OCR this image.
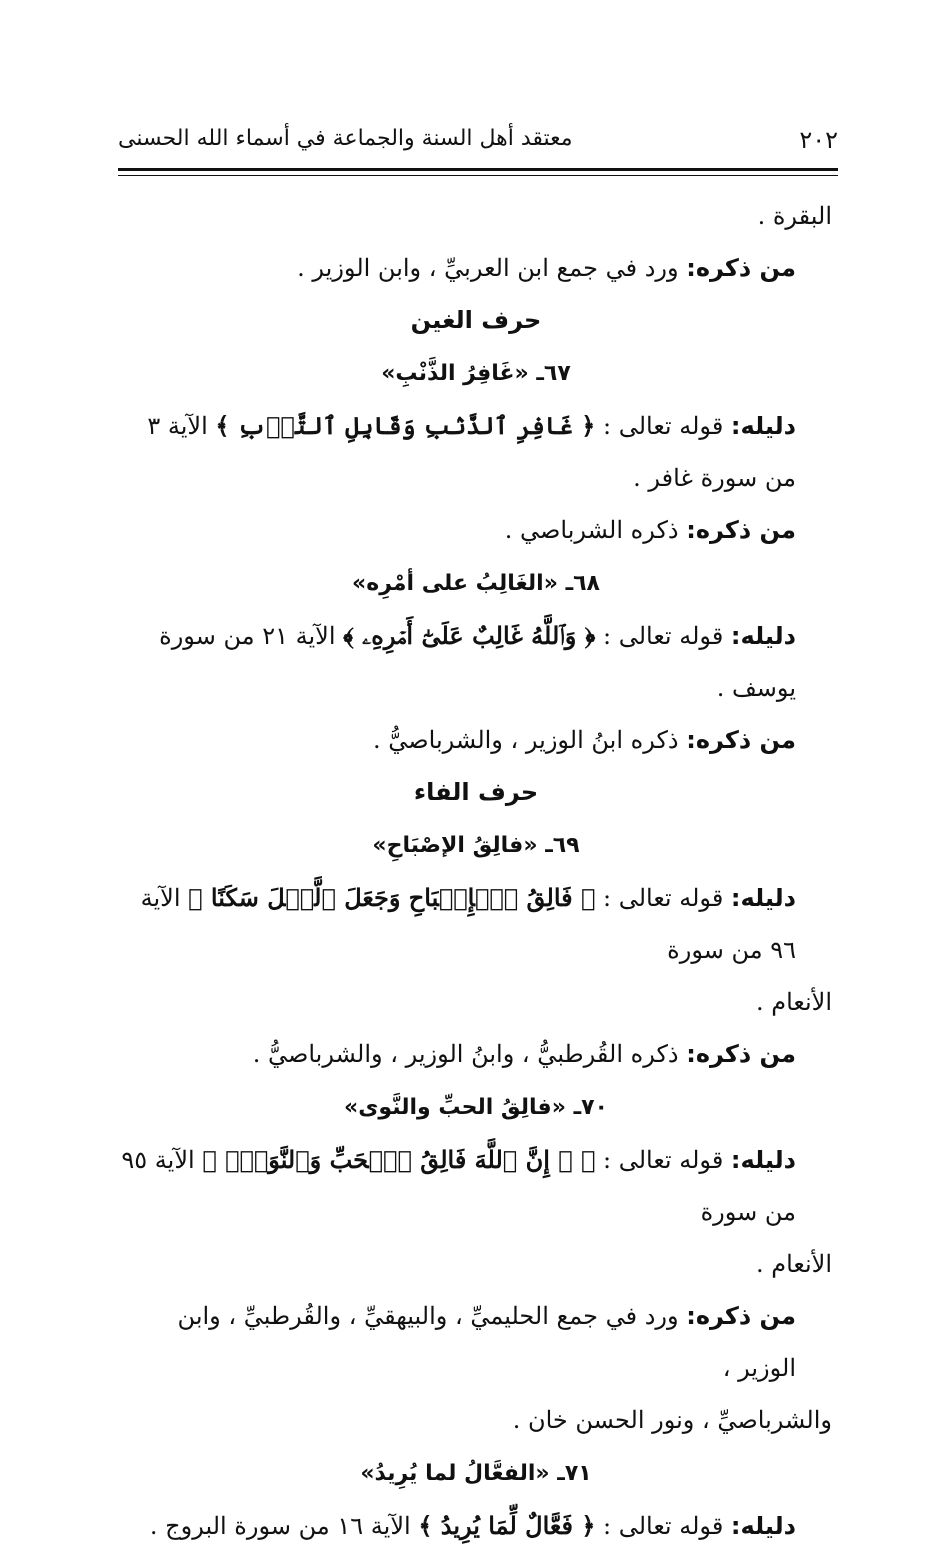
٢٠٢
معتقد أهل السنة والجماعة في أسماء الله الحسنى

البقرة .

من ذكره: ورد في جمع ابن العربيِّ ، وابن الوزير .

حرف الغين

٦٧ـ «غَافِرُ الذَّنْبِ»

دليله: قوله تعالى : ﴿ غَافِرِ ٱلذَّنۢبِ وَقَابِلِ ٱلتَّوۡبِ ﴾ الآية ٣ من سورة غافر .

من ذكره: ذكره الشرباصي .

٦٨ـ «الغَالِبُ على أمْرِه»

دليله: قوله تعالى : ﴿ وَٱللَّهُ غَالِبٌ عَلَىٰٓ أَمۡرِهِۦ ﴾ الآية ٢١ من سورة يوسف .

من ذكره: ذكره ابنُ الوزير ، والشرباصيُّ .

حرف الفاء

٦٩ـ «فالِقُ الإصْبَاحِ»

دليله: قوله تعالى : ﴿ فَالِقُ ٱلۡإِصۡبَاحِ وَجَعَلَ ٱلَّيۡلَ سَكَنًا ﴾ الآية ٩٦ من سورة

الأنعام .

من ذكره: ذكره القُرطبيُّ ، وابنُ الوزير ، والشرباصيُّ .

٧٠ـ «فالِقُ الحبِّ والنَّوى»

دليله: قوله تعالى : ﴿ ۞ إِنَّ ٱللَّهَ فَالِقُ ٱلۡحَبِّ وَٱلنَّوَىٰۖ ﴾ الآية ٩٥ من سورة

الأنعام .

من ذكره: ورد في جمع الحليميِّ ، والبيهقيِّ ، والقُرطبيِّ ، وابن الوزير ،

والشرباصيِّ ، ونور الحسن خان .

٧١ـ «الفعَّالُ لما يُرِيدُ»

دليله: قوله تعالى : ﴿ فَعَّالٌ لِّمَا يُرِيدُ ﴾ الآية ١٦ من سورة البروج .
